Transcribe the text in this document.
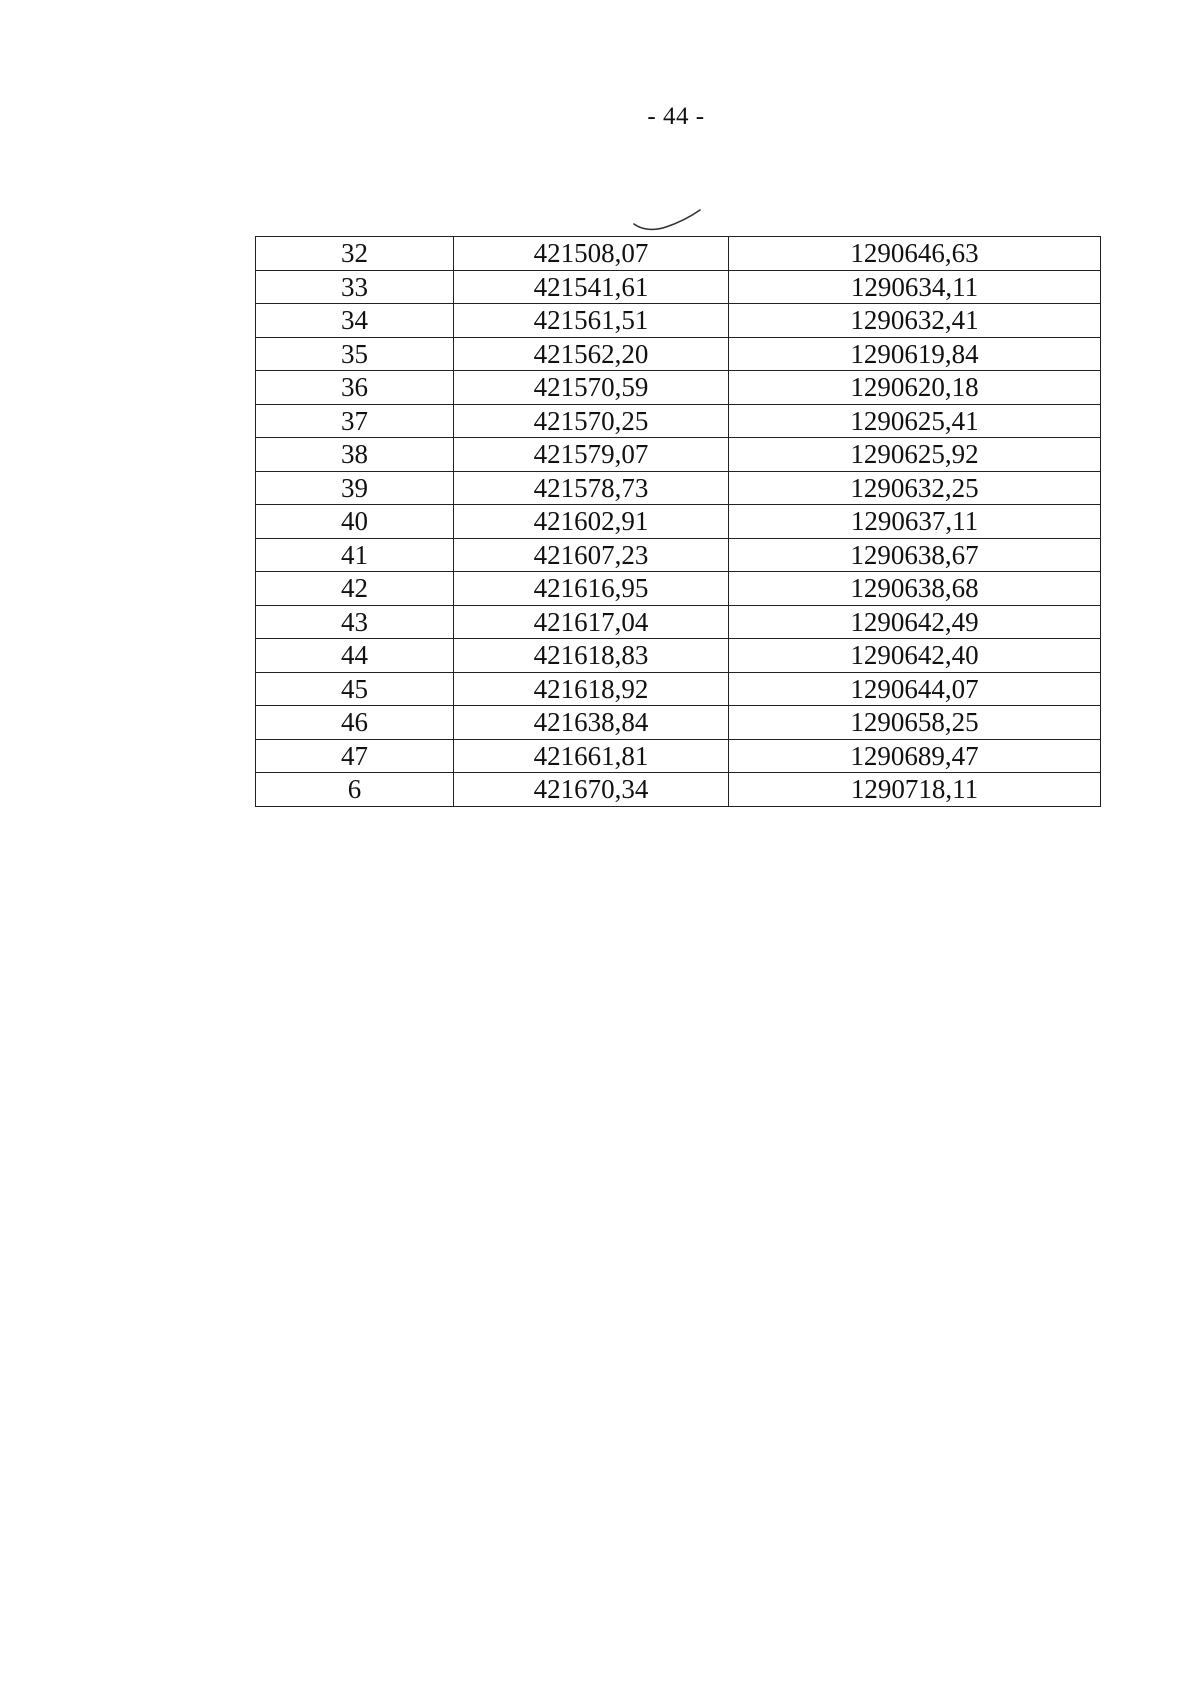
- 44 -
32	421508,07	1290646,63
33	421541,61	1290634,11
34	421561,51	1290632,41
35	421562,20	1290619,84
36	421570,59	1290620,18
37	421570,25	1290625,41
38	421579,07	1290625,92
39	421578,73	1290632,25
40	421602,91	1290637,11
41	421607,23	1290638,67
42	421616,95	1290638,68
43	421617,04	1290642,49
44	421618,83	1290642,40
45	421618,92	1290644,07
46	421638,84	1290658,25
47	421661,81	1290689,47
6	421670,34	1290718,11
